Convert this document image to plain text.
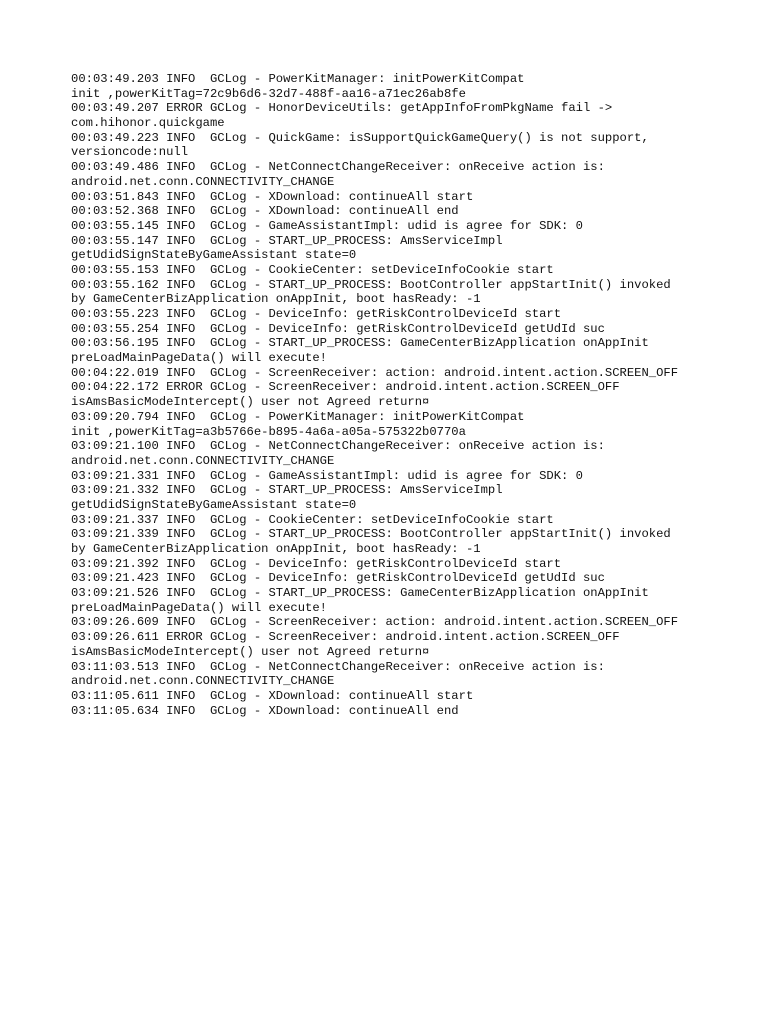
00:03:49.203 INFO  GCLog - PowerKitManager: initPowerKitCompat
init ,powerKitTag=72c9b6d6-32d7-488f-aa16-a71ec26ab8fe
00:03:49.207 ERROR GCLog - HonorDeviceUtils: getAppInfoFromPkgName fail ->
com.hihonor.quickgame
00:03:49.223 INFO  GCLog - QuickGame: isSupportQuickGameQuery() is not support,
versioncode:null
00:03:49.486 INFO  GCLog - NetConnectChangeReceiver: onReceive action is:
android.net.conn.CONNECTIVITY_CHANGE
00:03:51.843 INFO  GCLog - XDownload: continueAll start
00:03:52.368 INFO  GCLog - XDownload: continueAll end
00:03:55.145 INFO  GCLog - GameAssistantImpl: udid is agree for SDK: 0
00:03:55.147 INFO  GCLog - START_UP_PROCESS: AmsServiceImpl
getUdidSignStateByGameAssistant state=0
00:03:55.153 INFO  GCLog - CookieCenter: setDeviceInfoCookie start
00:03:55.162 INFO  GCLog - START_UP_PROCESS: BootController appStartInit() invoked
by GameCenterBizApplication onAppInit, boot hasReady: -1
00:03:55.223 INFO  GCLog - DeviceInfo: getRiskControlDeviceId start
00:03:55.254 INFO  GCLog - DeviceInfo: getRiskControlDeviceId getUdId suc
00:03:56.195 INFO  GCLog - START_UP_PROCESS: GameCenterBizApplication onAppInit
preLoadMainPageData() will execute!
00:04:22.019 INFO  GCLog - ScreenReceiver: action: android.intent.action.SCREEN_OFF
00:04:22.172 ERROR GCLog - ScreenReceiver: android.intent.action.SCREEN_OFF
isAmsBasicModeIntercept() user not Agreed return¤
03:09:20.794 INFO  GCLog - PowerKitManager: initPowerKitCompat
init ,powerKitTag=a3b5766e-b895-4a6a-a05a-575322b0770a
03:09:21.100 INFO  GCLog - NetConnectChangeReceiver: onReceive action is:
android.net.conn.CONNECTIVITY_CHANGE
03:09:21.331 INFO  GCLog - GameAssistantImpl: udid is agree for SDK: 0
03:09:21.332 INFO  GCLog - START_UP_PROCESS: AmsServiceImpl
getUdidSignStateByGameAssistant state=0
03:09:21.337 INFO  GCLog - CookieCenter: setDeviceInfoCookie start
03:09:21.339 INFO  GCLog - START_UP_PROCESS: BootController appStartInit() invoked
by GameCenterBizApplication onAppInit, boot hasReady: -1
03:09:21.392 INFO  GCLog - DeviceInfo: getRiskControlDeviceId start
03:09:21.423 INFO  GCLog - DeviceInfo: getRiskControlDeviceId getUdId suc
03:09:21.526 INFO  GCLog - START_UP_PROCESS: GameCenterBizApplication onAppInit
preLoadMainPageData() will execute!
03:09:26.609 INFO  GCLog - ScreenReceiver: action: android.intent.action.SCREEN_OFF
03:09:26.611 ERROR GCLog - ScreenReceiver: android.intent.action.SCREEN_OFF
isAmsBasicModeIntercept() user not Agreed return¤
03:11:03.513 INFO  GCLog - NetConnectChangeReceiver: onReceive action is:
android.net.conn.CONNECTIVITY_CHANGE
03:11:05.611 INFO  GCLog - XDownload: continueAll start
03:11:05.634 INFO  GCLog - XDownload: continueAll end
